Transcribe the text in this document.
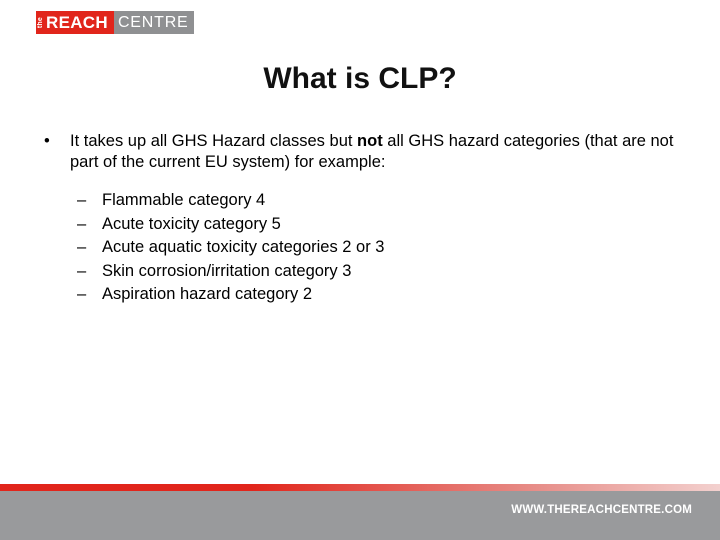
the REACH CENTRE
What is CLP?
•	It takes up all GHS Hazard classes but not all GHS hazard categories (that are not part of the current EU system) for example:
– Flammable category 4
– Acute toxicity category 5
– Acute aquatic toxicity categories 2 or 3
– Skin corrosion/irritation category 3
– Aspiration hazard category 2
WWW.THEREACHCENTRE.COM
